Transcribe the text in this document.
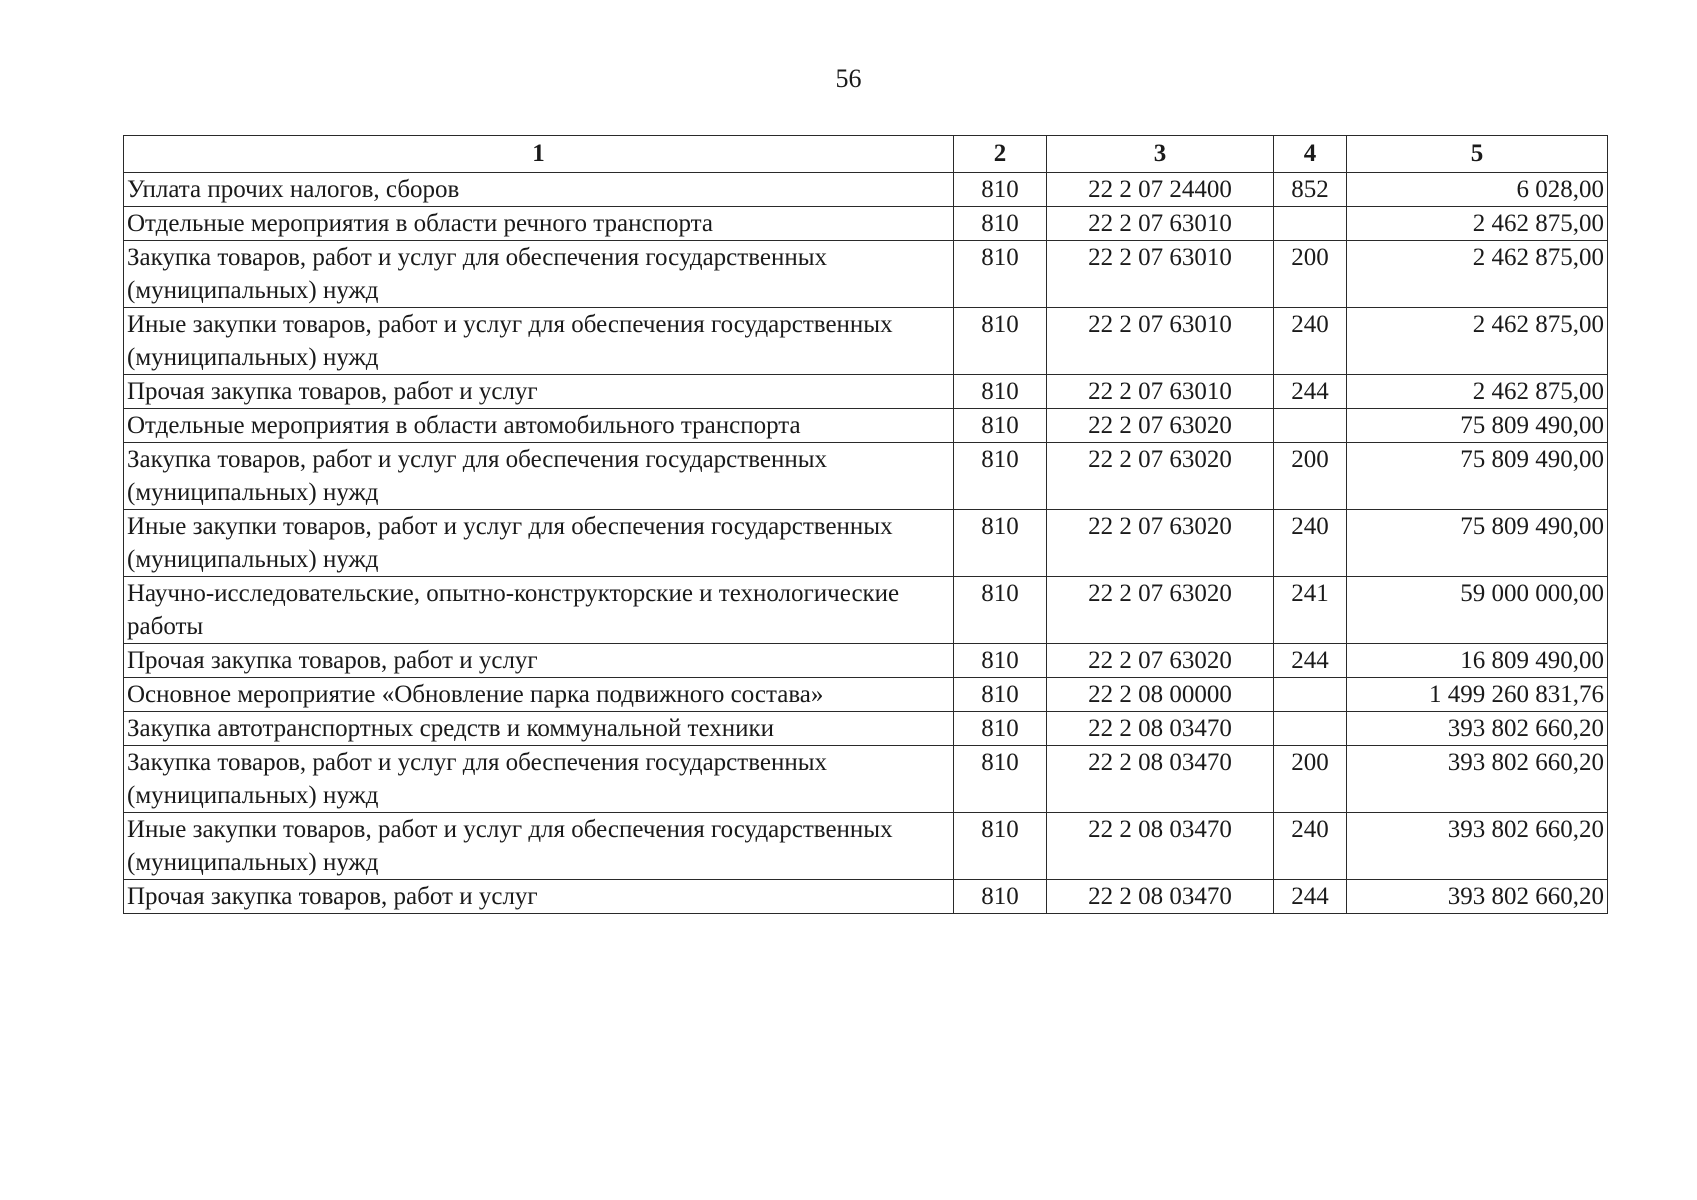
56
1	2	3	4	5
Уплата прочих налогов, сборов	810	22 2 07 24400	852	6 028,00
Отдельные мероприятия в области речного транспорта	810	22 2 07 63010		2 462 875,00
Закупка товаров, работ и услуг для обеспечения государственных (муниципальных) нужд	810	22 2 07 63010	200	2 462 875,00
Иные закупки товаров, работ и услуг для обеспечения государственных (муниципальных) нужд	810	22 2 07 63010	240	2 462 875,00
Прочая закупка товаров, работ и услуг	810	22 2 07 63010	244	2 462 875,00
Отдельные мероприятия в области автомобильного транспорта	810	22 2 07 63020		75 809 490,00
Закупка товаров, работ и услуг для обеспечения государственных (муниципальных) нужд	810	22 2 07 63020	200	75 809 490,00
Иные закупки товаров, работ и услуг для обеспечения государственных (муниципальных) нужд	810	22 2 07 63020	240	75 809 490,00
Научно-исследовательские, опытно-конструкторские и технологические работы	810	22 2 07 63020	241	59 000 000,00
Прочая закупка товаров, работ и услуг	810	22 2 07 63020	244	16 809 490,00
Основное мероприятие «Обновление парка подвижного состава»	810	22 2 08 00000		1 499 260 831,76
Закупка автотранспортных средств и коммунальной техники	810	22 2 08 03470		393 802 660,20
Закупка товаров, работ и услуг для обеспечения государственных (муниципальных) нужд	810	22 2 08 03470	200	393 802 660,20
Иные закупки товаров, работ и услуг для обеспечения государственных (муниципальных) нужд	810	22 2 08 03470	240	393 802 660,20
Прочая закупка товаров, работ и услуг	810	22 2 08 03470	244	393 802 660,20
